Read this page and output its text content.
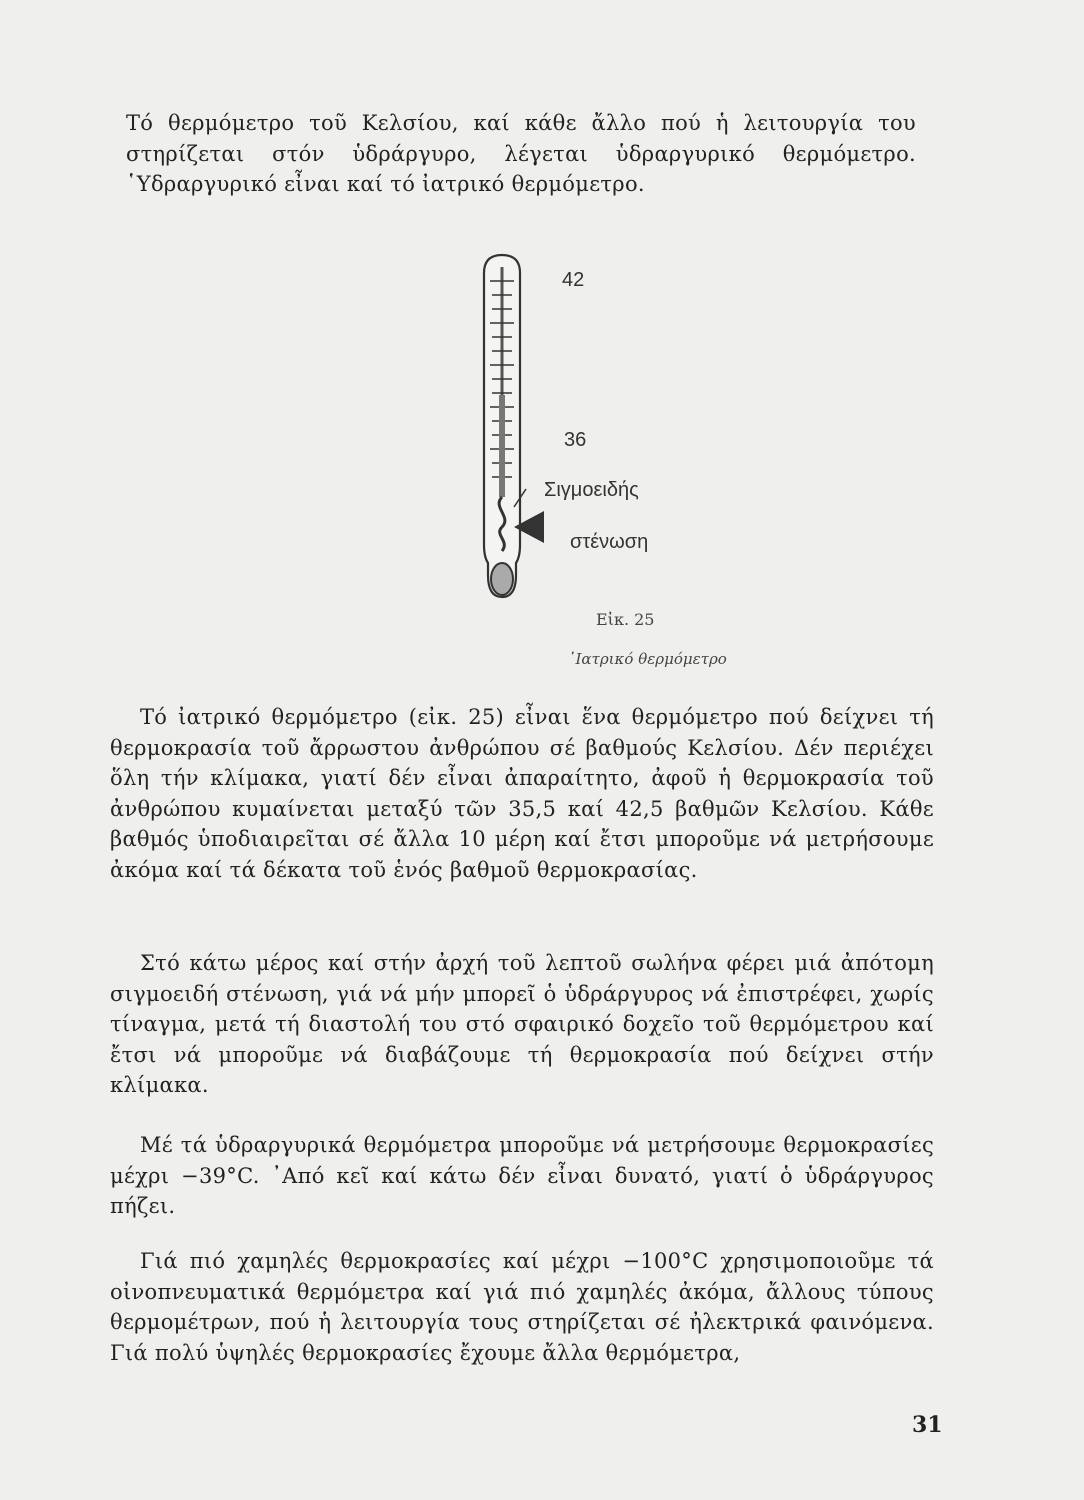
Τό θερμόμετρο τοῦ Κελσίου, καί κάθε ἄλλο πού ἡ λειτουργία του στηρίζεται στόν ὑδράργυρο, λέγεται ὑδραργυρικό θερμόμετρο. ῾Υδραργυρικό εἶναι καί τό ἰατρικό θερμόμετρο.

42
36
Σιγμοειδής
στένωση
Εἰκ. 25
᾿Ιατρικό θερμόμετρο

Τό ἰατρικό θερμόμετρο (εἰκ. 25) εἶναι ἕνα θερμόμετρο πού δείχνει τή θερμοκρασία τοῦ ἄρρωστου ἀνθρώπου σέ βαθμούς Κελσίου. Δέν περιέχει ὅλη τήν κλίμακα, γιατί δέν εἶναι ἀπαραίτητο, ἀφοῦ ἡ θερμοκρασία τοῦ ἀνθρώπου κυμαίνεται μεταξύ τῶν 35,5 καί 42,5 βαθμῶν Κελσίου. Κάθε βαθμός ὑποδιαιρεῖται σέ ἄλλα 10 μέρη καί ἔτσι μποροῦμε νά μετρήσουμε ἀκόμα καί τά δέκατα τοῦ ἑνός βαθμοῦ θερμοκρασίας.

Στό κάτω μέρος καί στήν ἀρχή τοῦ λεπτοῦ σωλήνα φέρει μιά ἀπότομη σιγμοειδή στένωση, γιά νά μήν μπορεῖ ὁ ὑδράργυρος νά ἐπιστρέφει, χωρίς τίναγμα, μετά τή διαστολή του στό σφαιρικό δοχεῖο τοῦ θερμόμετρου καί ἔτσι νά μποροῦμε νά διαβάζουμε τή θερμοκρασία πού δείχνει στήν κλίμακα.

Μέ τά ὑδραργυρικά θερμόμετρα μποροῦμε νά μετρήσουμε θερμοκρασίες μέχρι −39°C. ᾿Από κεῖ καί κάτω δέν εἶναι δυνατό, γιατί ὁ ὑδράργυρος πήζει.

Γιά πιό χαμηλές θερμοκρασίες καί μέχρι −100°C χρησιμοποιοῦμε τά οἰνοπνευματικά θερμόμετρα καί γιά πιό χαμηλές ἀκόμα, ἄλλους τύπους θερμομέτρων, πού ἡ λειτουργία τους στηρίζεται σέ ἠλεκτρικά φαινόμενα. Γιά πολύ ὑψηλές θερμοκρασίες ἔχουμε ἄλλα θερμόμετρα,

31
